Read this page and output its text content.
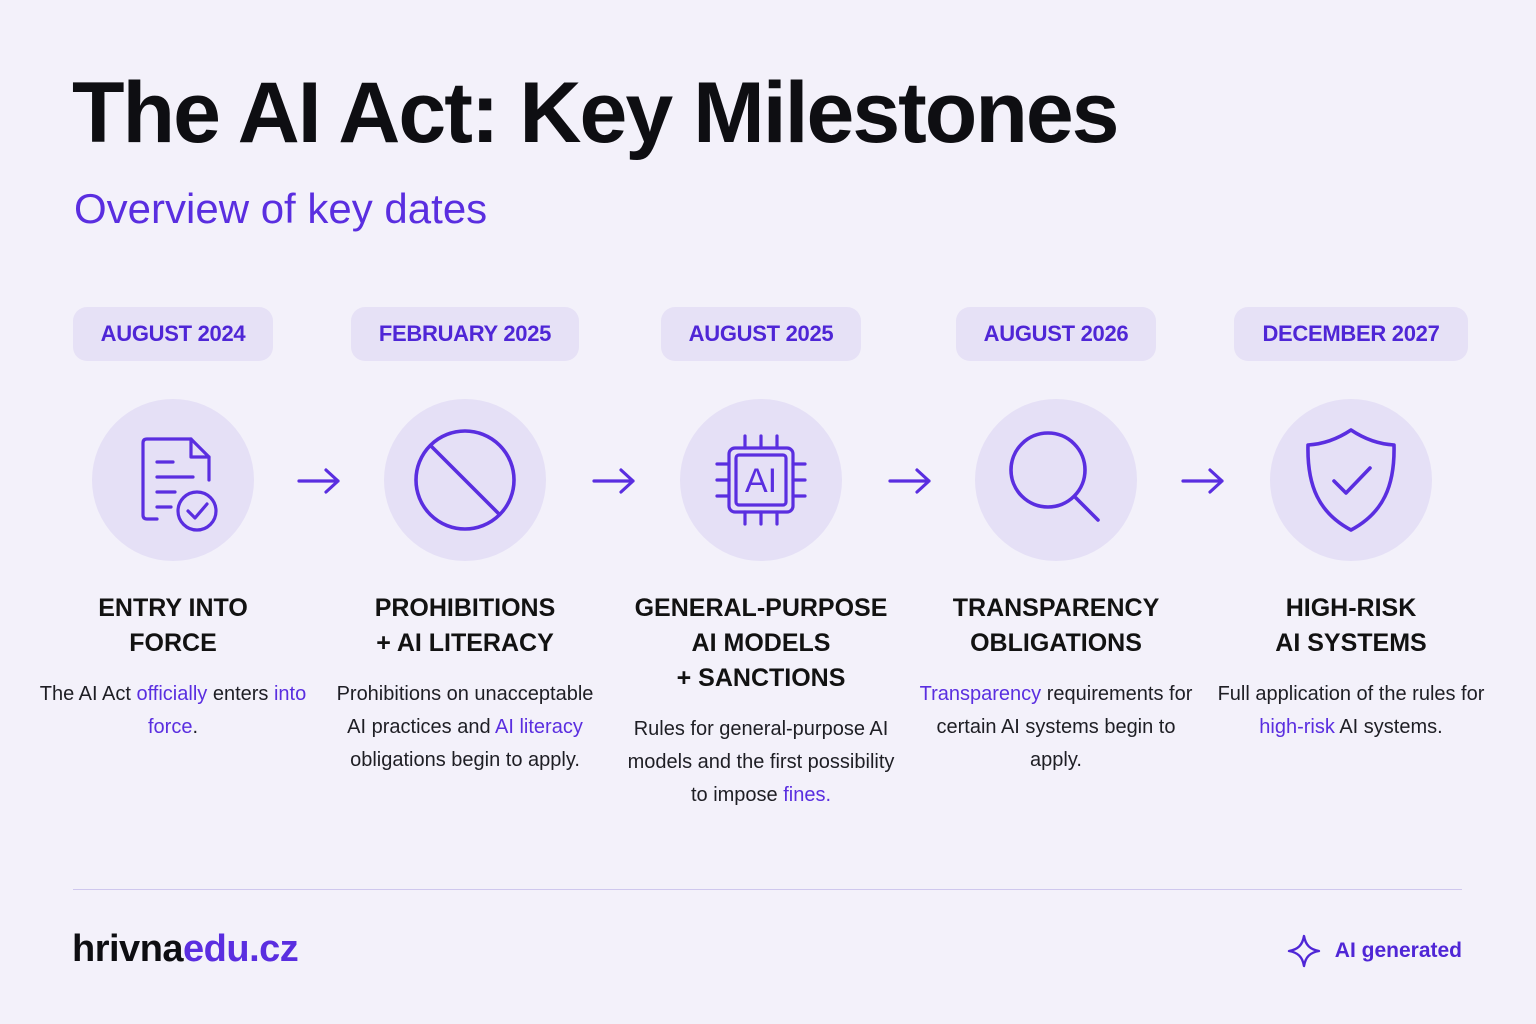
The AI Act: Key Milestones
Overview of key dates
AUGUST 2024
ENTRY INTO
FORCE
The AI Act officially enters into force.
FEBRUARY 2025
PROHIBITIONS
+ AI LITERACY
Prohibitions on unacceptable AI practices and AI literacy obligations begin to apply.
AUGUST 2025
AI
GENERAL-PURPOSE
AI MODELS
+ SANCTIONS
Rules for general-purpose AI models and the first possibility to impose fines.
AUGUST 2026
TRANSPARENCY
OBLIGATIONS
Transparency requirements for certain AI systems begin to apply.
DECEMBER 2027
HIGH-RISK
AI SYSTEMS
Full application of the rules for high-risk AI systems.
hrivnaedu.cz	AI generated
